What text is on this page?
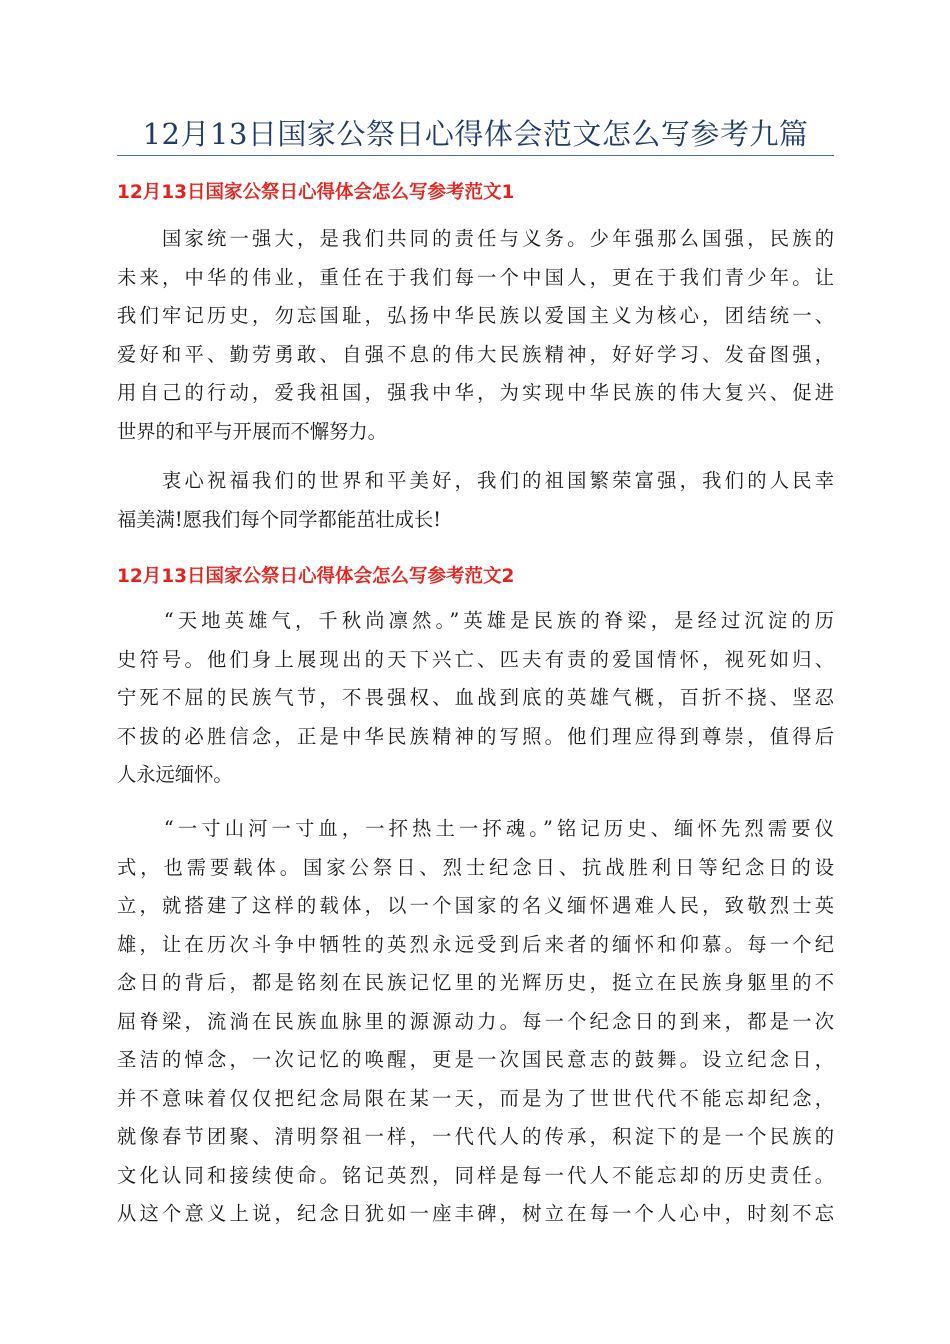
12月13日国家公祭日心得体会范文怎么写参考九篇
12月13日国家公祭日心得体会怎么写参考范文1
　　国家统一强大，是我们共同的责任与义务。少年强那么国强，民族的
未来，中华的伟业，重任在于我们每一个中国人，更在于我们青少年。让
我们牢记历史，勿忘国耻，弘扬中华民族以爱国主义为核心，团结统一、
爱好和平、勤劳勇敢、自强不息的伟大民族精神，好好学习、发奋图强，
用自己的行动，爱我祖国，强我中华，为实现中华民族的伟大复兴、促进
世界的和平与开展而不懈努力。
　　衷心祝福我们的世界和平美好，我们的祖国繁荣富强，我们的人民幸
福美满!愿我们每个同学都能茁壮成长!
12月13日国家公祭日心得体会怎么写参考范文2
　　“天地英雄气，千秋尚凛然。”英雄是民族的脊梁，是经过沉淀的历
史符号。他们身上展现出的天下兴亡、匹夫有责的爱国情怀，视死如归、
宁死不屈的民族气节，不畏强权、血战到底的英雄气概，百折不挠、坚忍
不拔的必胜信念，正是中华民族精神的写照。他们理应得到尊崇，值得后
人永远缅怀。
　　“一寸山河一寸血，一抔热土一抔魂。”铭记历史、缅怀先烈需要仪
式，也需要载体。国家公祭日、烈士纪念日、抗战胜利日等纪念日的设
立，就搭建了这样的载体，以一个国家的名义缅怀遇难人民，致敬烈士英
雄，让在历次斗争中牺牲的英烈永远受到后来者的缅怀和仰慕。每一个纪
念日的背后，都是铭刻在民族记忆里的光辉历史，挺立在民族身躯里的不
屈脊梁，流淌在民族血脉里的源源动力。每一个纪念日的到来，都是一次
圣洁的悼念，一次记忆的唤醒，更是一次国民意志的鼓舞。设立纪念日，
并不意味着仅仅把纪念局限在某一天，而是为了世世代代不能忘却纪念，
就像春节团聚、清明祭祖一样，一代代人的传承，积淀下的是一个民族的
文化认同和接续使命。铭记英烈，同样是每一代人不能忘却的历史责任。
从这个意义上说，纪念日犹如一座丰碑，树立在每一个人心中，时刻不忘
